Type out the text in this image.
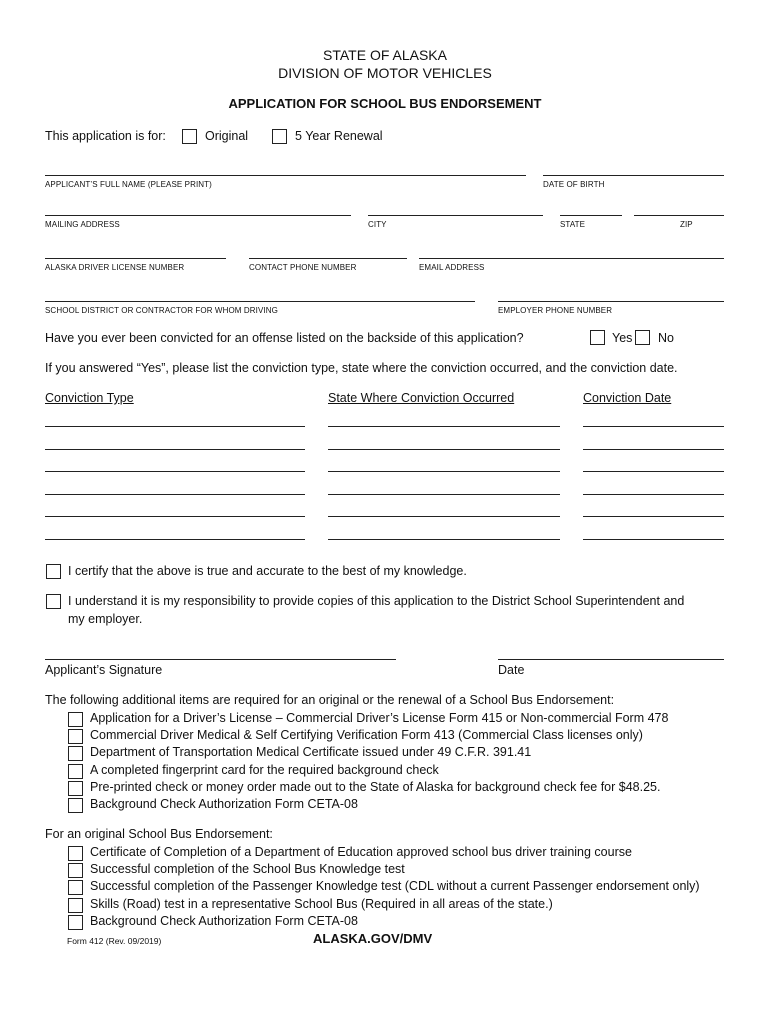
STATE OF ALASKA
DIVISION OF MOTOR VEHICLES
APPLICATION FOR SCHOOL BUS ENDORSEMENT
This application is for:	Original	5 Year Renewal
APPLICANT’S FULL NAME (PLEASE PRINT)	DATE OF BIRTH
MAILING ADDRESS	CITY	STATE	ZIP
ALASKA DRIVER LICENSE NUMBER	CONTACT PHONE NUMBER	EMAIL ADDRESS
SCHOOL DISTRICT OR CONTRACTOR FOR WHOM DRIVING	EMPLOYER PHONE NUMBER
Have you ever been convicted for an offense listed on the backside of this application?	Yes No
If you answered “Yes”, please list the conviction type, state where the conviction occurred, and the conviction date.
Conviction Type	State Where Conviction Occurred	Conviction Date
I certify that the above is true and accurate to the best of my knowledge.
I understand it is my responsibility to provide copies of this application to the District School Superintendent and
my employer.
Applicant’s Signature	Date
The following additional items are required for an original or the renewal of a School Bus Endorsement:
Application for a Driver’s License – Commercial Driver’s License Form 415 or Non-commercial Form 478
Commercial Driver Medical & Self Certifying Verification Form 413 (Commercial Class licenses only)
Department of Transportation Medical Certificate issued under 49 C.F.R. 391.41
A completed fingerprint card for the required background check
Pre-printed check or money order made out to the State of Alaska for background check fee for $48.25.
Background Check Authorization Form CETA-08
For an original School Bus Endorsement:
Certificate of Completion of a Department of Education approved school bus driver training course
Successful completion of the School Bus Knowledge test
Successful completion of the Passenger Knowledge test (CDL without a current Passenger endorsement only)
Skills (Road) test in a representative School Bus (Required in all areas of the state.)
Background Check Authorization Form CETA-08
Form 412 (Rev. 09/2019)	ALASKA.GOV/DMV
